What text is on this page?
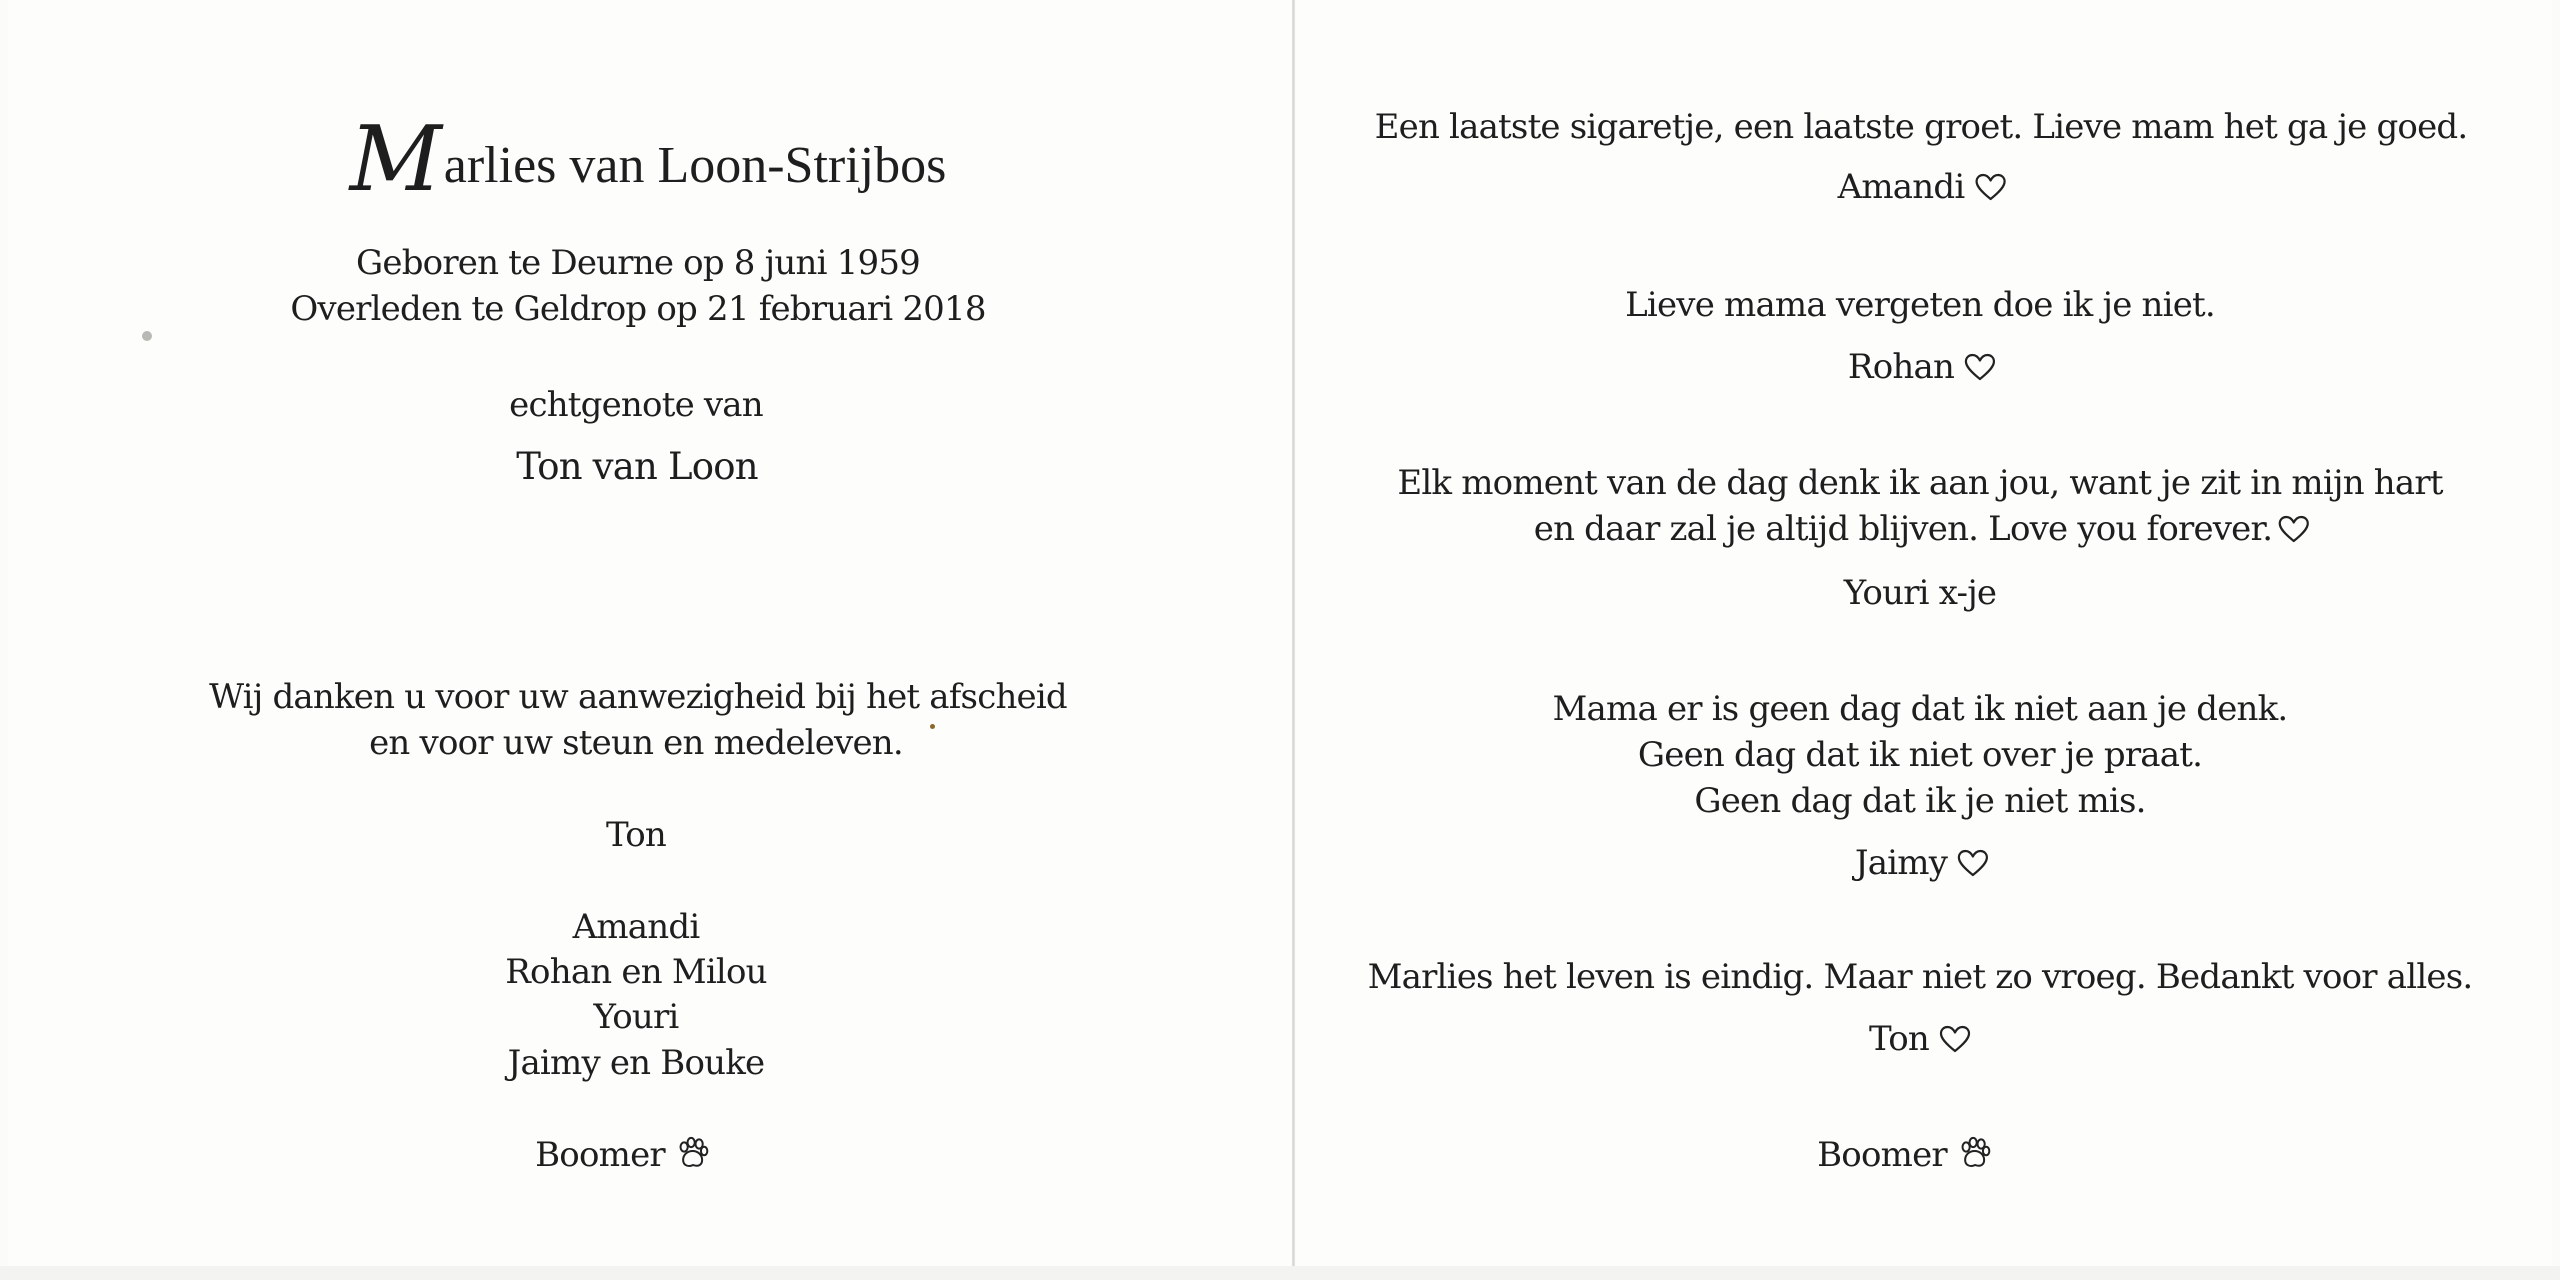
Marlies van Loon-Strijbos
Geboren te Deurne op 8 juni 1959
Overleden te Geldrop op 21 februari 2018
echtgenote van
Ton van Loon
Wij danken u voor uw aanwezigheid bij het afscheid
en voor uw steun en medeleven.
Ton
Amandi
Rohan en Milou
Youri
Jaimy en Bouke
Boomer
Een laatste sigaretje, een laatste groet. Lieve mam het ga je goed.
Amandi
Lieve mama vergeten doe ik je niet.
Rohan
Elk moment van de dag denk ik aan jou, want je zit in mijn hart
en daar zal je altijd blijven. Love you forever.
Youri x-je
Mama er is geen dag dat ik niet aan je denk.
Geen dag dat ik niet over je praat.
Geen dag dat ik je niet mis.
Jaimy
Marlies het leven is eindig. Maar niet zo vroeg. Bedankt voor alles.
Ton
Boomer
